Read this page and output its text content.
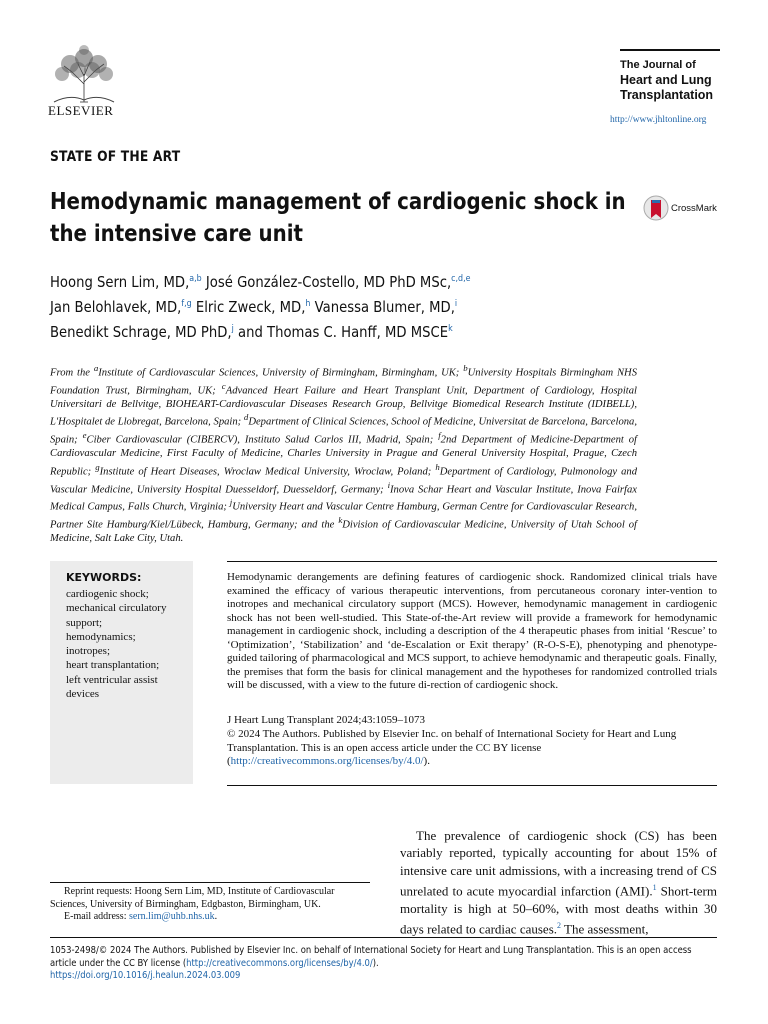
ELSEVIER
The Journal of
Heart and Lung
Transplantation
http://www.jhltonline.org
STATE OF THE ART
Hemodynamic management of cardiogenic shock in
the intensive care unit
CrossMark
Hoong Sern Lim, MD,$^{a,b}$ José González-Costello, MD PhD MSc,$^{c,d,e}$
Jan Belohlavek, MD,$^{f,g}$ Elric Zweck, MD,$^h$ Vanessa Blumer, MD,$^i$
Benedikt Schrage, MD PhD,$^j$ and Thomas C. Hanff, MD MSCE$^k$
From the $^a$Institute of Cardiovascular Sciences, University of Birmingham, Birmingham, UK; $^b$University Hospitals Birmingham NHS Foundation Trust, Birmingham, UK; $^c$Advanced Heart Failure and Heart Transplant Unit, Department of Cardiology, Hospital Universitari de Bellvitge, BIOHEART-Cardiovascular Diseases Research Group, Bellvitge Biomedical Research Institute (IDIBELL), L'Hospitalet de Llobregat, Barcelona, Spain; $^d$Department of Clinical Sciences, School of Medicine, Universitat de Barcelona, Barcelona, Spain; $^e$Ciber Cardiovascular (CIBERCV), Instituto Salud Carlos III, Madrid, Spain; $^f$2nd Department of Medicine-Department of Cardiovascular Medicine, First Faculty of Medicine, Charles University in Prague and General University Hospital, Prague, Czech Republic; $^g$Institute of Heart Diseases, Wroclaw Medical University, Wroclaw, Poland; $^h$Department of Cardiology, Pulmonology and Vascular Medicine, University Hospital Duesseldorf, Duesseldorf, Germany; $^i$Inova Schar Heart and Vascular Institute, Inova Fairfax Medical Campus, Falls Church, Virginia; $^j$University Heart and Vascular Centre Hamburg, German Centre for Cardiovascular Research, Partner Site Hamburg/Kiel/Lübeck, Hamburg, Germany; and the $^k$Division of Cardiovascular Medicine, University of Utah School of Medicine, Salt Lake City, Utah.
KEYWORDS:
cardiogenic shock;
mechanical circulatory
support;
hemodynamics;
inotropes;
heart transplantation;
left ventricular assist
devices
Hemodynamic derangements are defining features of cardiogenic shock. Randomized clinical trials have examined the efficacy of various therapeutic interventions, from percutaneous coronary inter-vention to inotropes and mechanical circulatory support (MCS). However, hemodynamic management in cardiogenic shock has not been well-studied. This State-of-the-Art review will provide a framework for hemodynamic management in cardiogenic shock, including a description of the 4 therapeutic phases from initial ‘Rescue’ to ‘Optimization’, ‘Stabilization’ and ‘de-Escalation or Exit therapy’ (R-O-S-E), phenotyping and phenotype-guided tailoring of pharmacological and MCS support, to achieve hemodynamic and therapeutic goals. Finally, the premises that form the basis for clinical management and the hypotheses for randomized controlled trials will be discussed, with a view to the future di-rection of cardiogenic shock.
J Heart Lung Transplant 2024;43:1059–1073
© 2024 The Authors. Published by Elsevier Inc. on behalf of International Society for Heart and Lung Transplantation. This is an open access article under the CC BY license (http://creativecommons.org/licenses/by/4.0/).
The prevalence of cardiogenic shock (CS) has been variably reported, typically accounting for about 15% of intensive care unit admissions, with a increasing trend of CS unrelated to acute myocardial infarction (AMI).$^1$ Short-term mortality is high at 50–60%, with most deaths within 30 days related to cardiac causes.$^2$ The assessment,
Reprint requests: Hoong Sern Lim, MD, Institute of Cardiovascular Sciences, University of Birmingham, Edgbaston, Birmingham, UK.
E-mail address: sern.lim@uhb.nhs.uk.
1053-2498/© 2024 The Authors. Published by Elsevier Inc. on behalf of International Society for Heart and Lung Transplantation. This is an open access
article under the CC BY license (http://creativecommons.org/licenses/by/4.0/).
https://doi.org/10.1016/j.healun.2024.03.009
